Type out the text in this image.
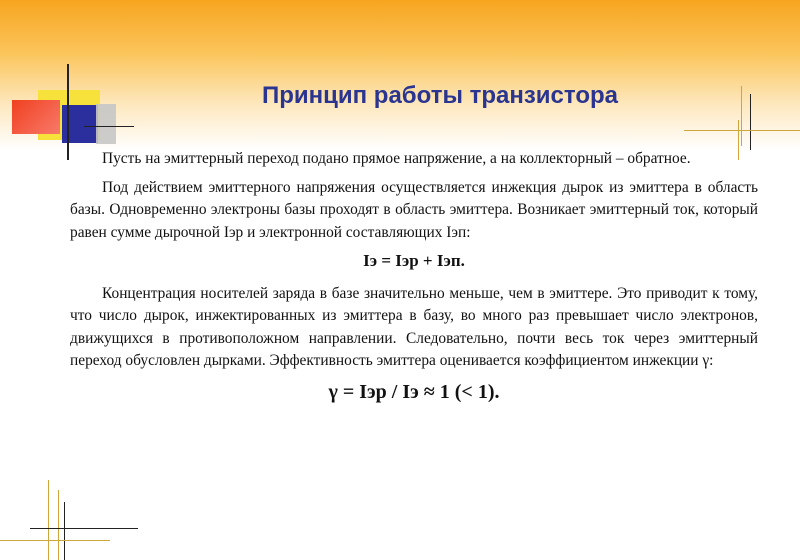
Принцип работы транзистора

Пусть на эмиттерный переход подано прямое напряжение, а на коллекторный – обратное.

Под действием эмиттерного напряжения осуществляется инжекция дырок из эмиттера в область базы. Одновременно электроны базы проходят в область эмиттера. Возникает эмиттерный ток, который равен сумме дырочной Iэр и электронной составляющих Iэп:

Iэ = Iэр + Iэп.

Концентрация носителей заряда в базе значительно меньше, чем в эмиттере. Это приводит к тому, что число дырок, инжектированных из эмиттера в базу, во много раз превышает число электронов, движущихся в противоположном направлении. Следовательно, почти весь ток через эмиттерный переход обусловлен дырками. Эффективность эмиттера оценивается коэффициентом инжекции γ:

γ = Iэр / Iэ ≈ 1 (< 1).
